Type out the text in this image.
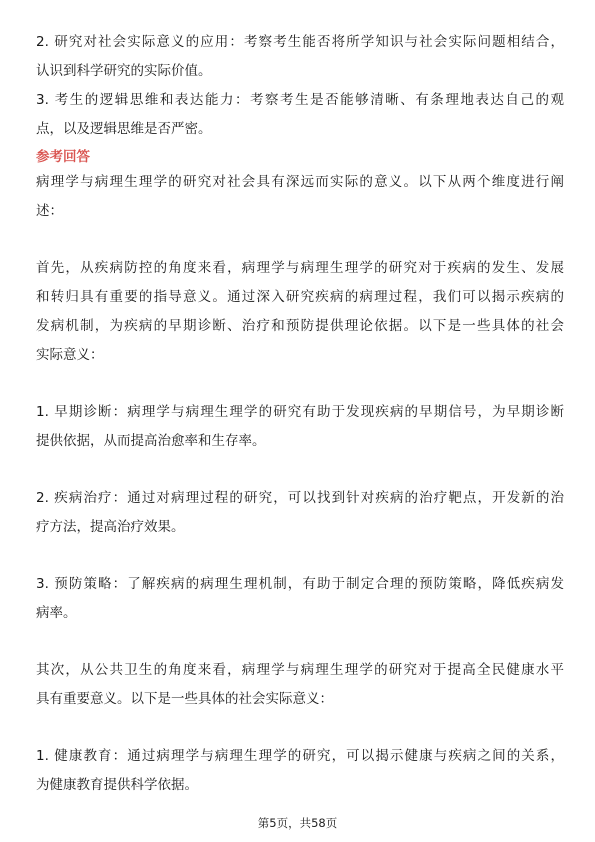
2. 研究对社会实际意义的应用：考察考生能否将所学知识与社会实际问题相结合，
认识到科学研究的实际价值。
3. 考生的逻辑思维和表达能力：考察考生是否能够清晰、有条理地表达自己的观
点，以及逻辑思维是否严密。
参考回答
病理学与病理生理学的研究对社会具有深远而实际的意义。以下从两个维度进行阐
述：
首先，从疾病防控的角度来看，病理学与病理生理学的研究对于疾病的发生、发展
和转归具有重要的指导意义。通过深入研究疾病的病理过程，我们可以揭示疾病的
发病机制，为疾病的早期诊断、治疗和预防提供理论依据。以下是一些具体的社会
实际意义：
1. 早期诊断：病理学与病理生理学的研究有助于发现疾病的早期信号，为早期诊断
提供依据，从而提高治愈率和生存率。
2. 疾病治疗：通过对病理过程的研究，可以找到针对疾病的治疗靶点，开发新的治
疗方法，提高治疗效果。
3. 预防策略：了解疾病的病理生理机制，有助于制定合理的预防策略，降低疾病发
病率。
其次，从公共卫生的角度来看，病理学与病理生理学的研究对于提高全民健康水平
具有重要意义。以下是一些具体的社会实际意义：
1. 健康教育：通过病理学与病理生理学的研究，可以揭示健康与疾病之间的关系，
为健康教育提供科学依据。
第5页，共58页
